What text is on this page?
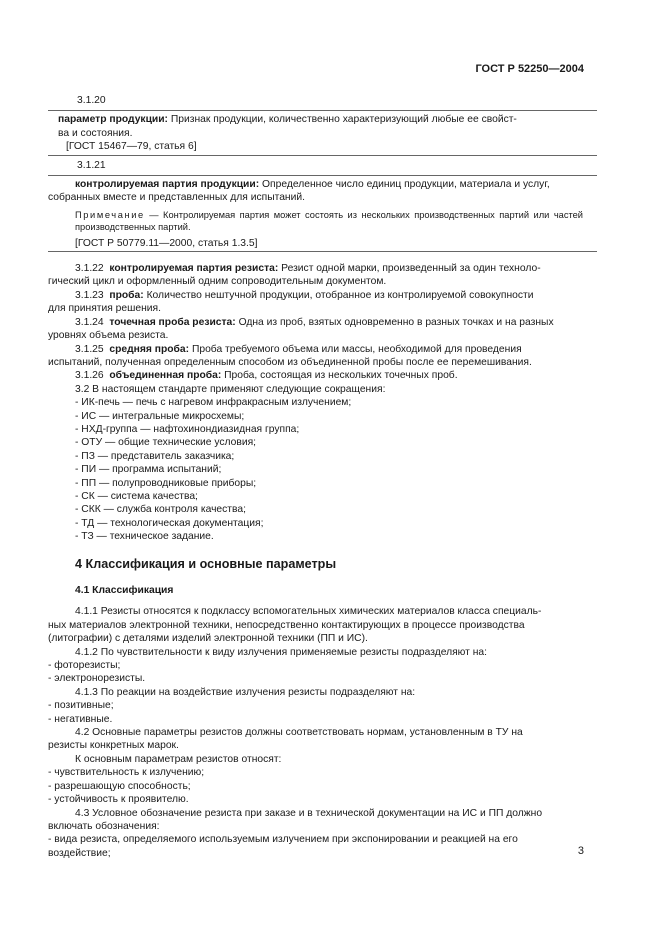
ГОСТ Р 52250—2004
3.1.20
параметр продукции: Признак продукции, количественно характеризующий любые ее свойст-
ва и состояния.
[ГОСТ 15467—79, статья 6]
3.1.21
контролируемая партия продукции: Определенное число единиц продукции, материала и услуг,
собранных вместе и представленных для испытаний.
Примечание — Контролируемая партия может состоять из нескольких производственных партий или частей производственных партий.
[ГОСТ Р 50779.11—2000, статья 1.3.5]
3.1.22 контролируемая партия резиста: Резист одной марки, произведенный за один техноло-
гический цикл и оформленный одним сопроводительным документом.
3.1.23 проба: Количество нештучной продукции, отобранное из контролируемой совокупности
для принятия решения.
3.1.24 точечная проба резиста: Одна из проб, взятых одновременно в разных точках и на разных
уровнях объема резиста.
3.1.25 средняя проба: Проба требуемого объема или массы, необходимой для проведения
испытаний, полученная определенным способом из объединенной пробы после ее перемешивания.
3.1.26 объединенная проба: Проба, состоящая из нескольких точечных проб.
3.2 В настоящем стандарте применяют следующие сокращения:
- ИК-печь — печь с нагревом инфракрасным излучением;
- ИС — интегральные микросхемы;
- НХД-группа — нафтохинондиазидная группа;
- ОТУ — общие технические условия;
- ПЗ — представитель заказчика;
- ПИ — программа испытаний;
- ПП — полупроводниковые приборы;
- СК — система качества;
- СКК — служба контроля качества;
- ТД — технологическая документация;
- ТЗ — техническое задание.
4 Классификация и основные параметры
4.1 Классификация
4.1.1 Резисты относятся к подклассу вспомогательных химических материалов класса специаль-
ных материалов электронной техники, непосредственно контактирующих в процессе производства
(литографии) с деталями изделий электронной техники (ПП и ИС).
4.1.2 По чувствительности к виду излучения применяемые резисты подразделяют на:
- фоторезисты;
- электронорезисты.
4.1.3 По реакции на воздействие излучения резисты подразделяют на:
- позитивные;
- негативные.
4.2 Основные параметры резистов должны соответствовать нормам, установленным в ТУ на
резисты конкретных марок.
К основным параметрам резистов относят:
- чувствительность к излучению;
- разрешающую способность;
- устойчивость к проявителю.
4.3 Условное обозначение резиста при заказе и в технической документации на ИС и ПП должно
включать обозначения:
- вида резиста, определяемого используемым излучением при экспонировании и реакцией на его
воздействие;	3
